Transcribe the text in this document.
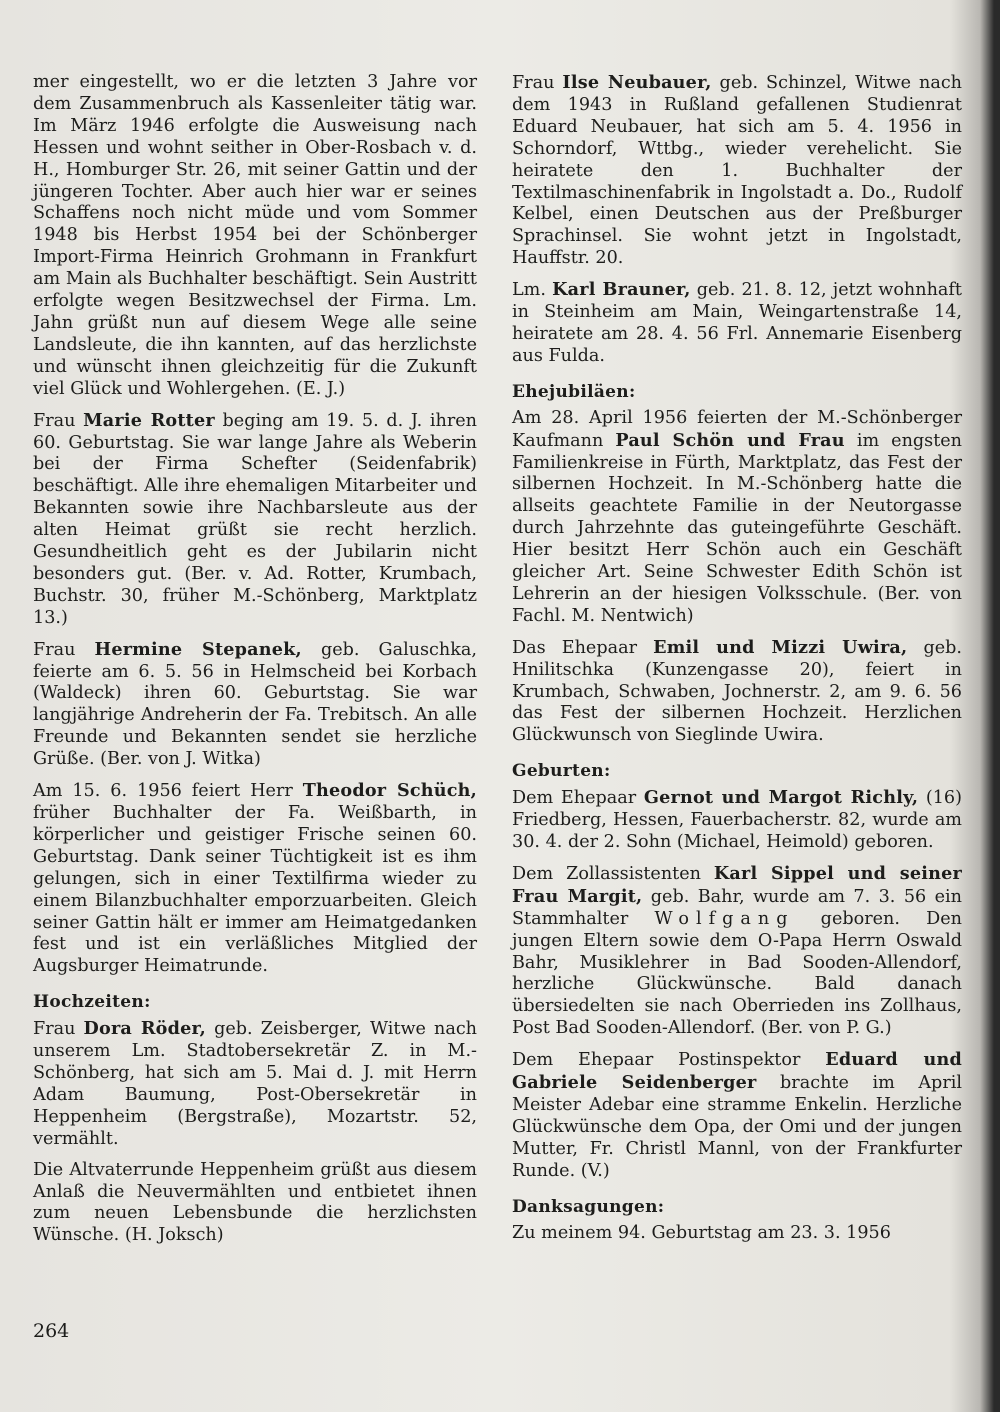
mer eingestellt, wo er die letzten 3 Jahre vor dem Zusammenbruch als Kassenleiter tätig war. Im März 1946 erfolgte die Ausweisung nach Hessen und wohnt seither in Ober-Rosbach v. d. H., Homburger Str. 26, mit seiner Gattin und der jüngeren Tochter. Aber auch hier war er seines Schaffens noch nicht müde und vom Sommer 1948 bis Herbst 1954 bei der Schönberger Import-Firma Heinrich Grohmann in Frankfurt am Main als Buchhalter beschäftigt. Sein Austritt erfolgte wegen Besitzwechsel der Firma. Lm. Jahn grüßt nun auf diesem Wege alle seine Landsleute, die ihn kannten, auf das herzlichste und wünscht ihnen gleichzeitig für die Zukunft viel Glück und Wohlergehen. (E. J.)

Frau Marie Rotter beging am 19. 5. d. J. ihren 60. Geburtstag. Sie war lange Jahre als Weberin bei der Firma Schefter (Seidenfabrik) beschäftigt. Alle ihre ehemaligen Mitarbeiter und Bekannten sowie ihre Nachbarsleute aus der alten Heimat grüßt sie recht herzlich. Gesundheitlich geht es der Jubilarin nicht besonders gut. (Ber. v. Ad. Rotter, Krumbach, Buchstr. 30, früher M.-Schönberg, Marktplatz 13.)

Frau Hermine Stepanek, geb. Galuschka, feierte am 6. 5. 56 in Helmscheid bei Korbach (Waldeck) ihren 60. Geburtstag. Sie war langjährige Andreherin der Fa. Trebitsch. An alle Freunde und Bekannten sendet sie herzliche Grüße. (Ber. von J. Witka)

Am 15. 6. 1956 feiert Herr Theodor Schüch, früher Buchhalter der Fa. Weißbarth, in körperlicher und geistiger Frische seinen 60. Geburtstag. Dank seiner Tüchtigkeit ist es ihm gelungen, sich in einer Textilfirma wieder zu einem Bilanzbuchhalter emporzuarbeiten. Gleich seiner Gattin hält er immer am Heimatgedanken fest und ist ein verläßliches Mitglied der Augsburger Heimatrunde.

Hochzeiten:

Frau Dora Röder, geb. Zeisberger, Witwe nach unserem Lm. Stadtobersekretär Z. in M.-Schönberg, hat sich am 5. Mai d. J. mit Herrn Adam Baumung, Post-Obersekretär in Heppenheim (Bergstraße), Mozartstr. 52, vermählt.

Die Altvaterrunde Heppenheim grüßt aus diesem Anlaß die Neuvermählten und entbietet ihnen zum neuen Lebensbunde die herzlichsten Wünsche. (H. Joksch)

Frau Ilse Neubauer, geb. Schinzel, Witwe nach dem 1943 in Rußland gefallenen Studienrat Eduard Neubauer, hat sich am 5. 4. 1956 in Schorndorf, Wttbg., wieder verehelicht. Sie heiratete den 1. Buchhalter der Textilmaschinenfabrik in Ingolstadt a. Do., Rudolf Kelbel, einen Deutschen aus der Preßburger Sprachinsel. Sie wohnt jetzt in Ingolstadt, Hauffstr. 20.

Lm. Karl Brauner, geb. 21. 8. 12, jetzt wohnhaft in Steinheim am Main, Weingartenstraße 14, heiratete am 28. 4. 56 Frl. Annemarie Eisenberg aus Fulda.

Ehejubiläen:

Am 28. April 1956 feierten der M.-Schönberger Kaufmann Paul Schön und Frau im engsten Familienkreise in Fürth, Marktplatz, das Fest der silbernen Hochzeit. In M.-Schönberg hatte die allseits geachtete Familie in der Neutorgasse durch Jahrzehnte das guteingeführte Geschäft. Hier besitzt Herr Schön auch ein Geschäft gleicher Art. Seine Schwester Edith Schön ist Lehrerin an der hiesigen Volksschule. (Ber. von Fachl. M. Nentwich)

Das Ehepaar Emil und Mizzi Uwira, geb. Hnilitschka (Kunzengasse 20), feiert in Krumbach, Schwaben, Jochnerstr. 2, am 9. 6. 56 das Fest der silbernen Hochzeit. Herzlichen Glückwunsch von Sieglinde Uwira.

Geburten:

Dem Ehepaar Gernot und Margot Richly, (16) Friedberg, Hessen, Fauerbacherstr. 82, wurde am 30. 4. der 2. Sohn (Michael, Heimold) geboren.

Dem Zollassistenten Karl Sippel und seiner Frau Margit, geb. Bahr, wurde am 7. 3. 56 ein Stammhalter Wolfgang geboren. Den jungen Eltern sowie dem O-Papa Herrn Oswald Bahr, Musiklehrer in Bad Sooden-Allendorf, herzliche Glückwünsche. Bald danach übersiedelten sie nach Oberrieden ins Zollhaus, Post Bad Sooden-Allendorf. (Ber. von P. G.)

Dem Ehepaar Postinspektor Eduard und Gabriele Seidenberger brachte im April Meister Adebar eine stramme Enkelin. Herzliche Glückwünsche dem Opa, der Omi und der jungen Mutter, Fr. Christl Mannl, von der Frankfurter Runde. (V.)

Danksagungen:

Zu meinem 94. Geburtstag am 23. 3. 1956

264
